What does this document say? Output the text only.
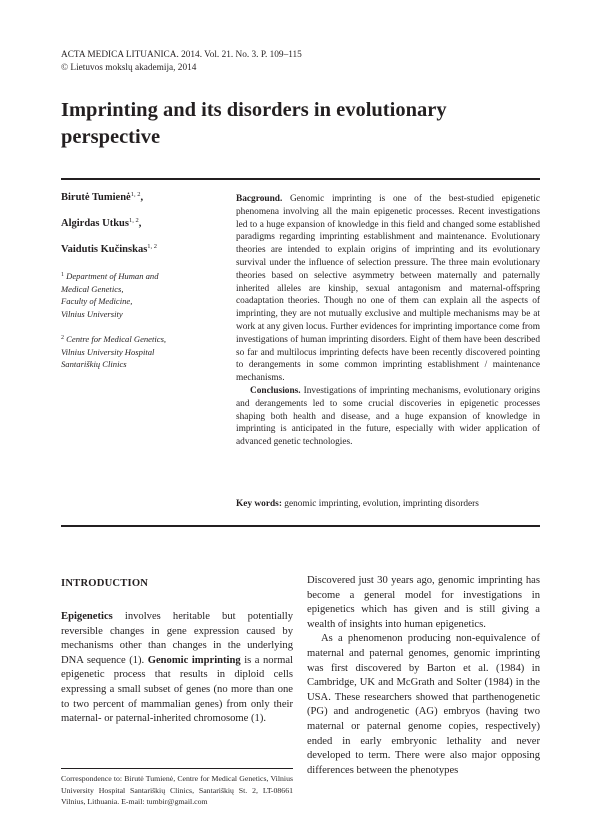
ACTA MEDICA LITUANICA. 2014. Vol. 21. No. 3. P. 109–115
© Lietuvos mokslų akademija, 2014
Imprinting and its disorders in evolutionary perspective
Birutė Tumienė$^{1, 2}$,
Algirdas Utkus$^{1, 2}$,
Vaidutis Kučinskas$^{1, 2}$
$^1$ Department of Human and
Medical Genetics,
Faculty of Medicine,
Vilnius University
$^2$ Centre for Medical Genetics,
Vilnius University Hospital
Santariškių Clinics

Bacground. Genomic imprinting is one of the best-studied epigenetic phenomena involving all the main epigenetic processes. Recent investigations led to a huge expansion of knowledge in this field and changed some established paradigms regarding imprinting establishment and maintenance. Evolutionary theories are intended to explain origins of imprinting and its evolutionary survival under the influence of selection pressure. The three main evolutionary theories based on selective asymmetry between maternally and paternally inherited alleles are kinship, sexual antagonism and maternal-offspring coadaptation theories. Though no one of them can explain all the aspects of imprinting, they are not mutually exclusive and multiple mechanisms may be at work at any given locus. Further evidences for imprinting importance come from investigations of human imprinting disorders. Eight of them have been described so far and multilocus imprinting defects have been recently discovered pointing to derangements in some common imprinting establishment / maintenance mechanisms.

Conclusions. Investigations of imprinting mechanisms, evolutionary origins and derangements led to some crucial discoveries in epigenetic processes shaping both health and disease, and a huge expansion of knowledge in imprinting is anticipated in the future, especially with wider application of advanced genetic technologies.

Key words: genomic imprinting, evolution, imprinting disorders
INTRODUCTION

Epigenetics involves heritable but potentially reversible changes in gene expression caused by mechanisms other than changes in the underlying DNA sequence (1). Genomic imprinting is a normal epigenetic process that results in diploid cells expressing a small subset of genes (no more than one to two percent of mammalian genes) from only their maternal- or paternal-inherited chromosome (1).

Discovered just 30 years ago, genomic imprinting has become a general model for investigations in epigenetics which has given and is still giving a wealth of insights into human epigenetics.

As a phenomenon producing non-equivalence of maternal and paternal genomes, genomic imprinting was first discovered by Barton et al. (1984) in Cambridge, UK and McGrath and Solter (1984) in the USA. These researchers showed that parthenogenetic (PG) and androgenetic (AG) embryos (having two maternal or paternal genome copies, respectively) ended in early embryonic lethality and never developed to term. There were also major opposing differences between the phenotypes

Correspondence to: Birutė Tumienė, Centre for Medical Genetics, Vilnius University Hospital Santariškių Clinics, Santariškių St. 2, LT-08661 Vilnius, Lithuania. E-mail: tumbir@gmail.com
